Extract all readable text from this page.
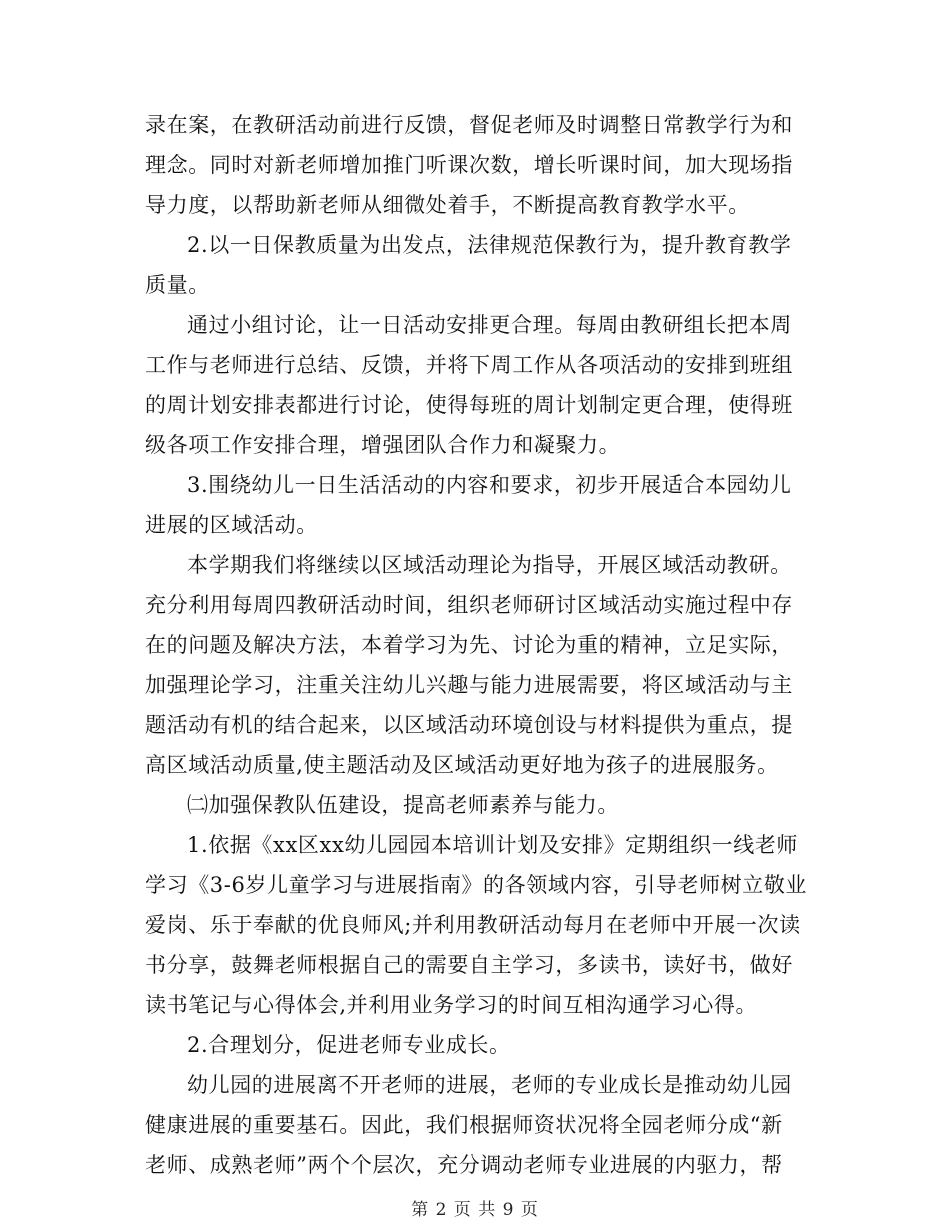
录在案，在教研活动前进行反馈，督促老师及时调整日常教学行为和
理念。同时对新老师增加推门听课次数，增长听课时间，加大现场指
导力度，以帮助新老师从细微处着手，不断提高教育教学水平。
2.以一日保教质量为出发点，法律规范保教行为，提升教育教学
质量。
通过小组讨论，让一日活动安排更合理。每周由教研组长把本周
工作与老师进行总结、反馈，并将下周工作从各项活动的安排到班组
的周计划安排表都进行讨论，使得每班的周计划制定更合理，使得班
级各项工作安排合理，增强团队合作力和凝聚力。
3.围绕幼儿一日生活活动的内容和要求，初步开展适合本园幼儿
进展的区域活动。
本学期我们将继续以区域活动理论为指导，开展区域活动教研。
充分利用每周四教研活动时间，组织老师研讨区域活动实施过程中存
在的问题及解决方法，本着学习为先、讨论为重的精神，立足实际，
加强理论学习，注重关注幼儿兴趣与能力进展需要，将区域活动与主
题活动有机的结合起来，以区域活动环境创设与材料提供为重点，提
高区域活动质量,使主题活动及区域活动更好地为孩子的进展服务。
㈡加强保教队伍建设，提高老师素养与能力。
1.依据《xx区xx幼儿园园本培训计划及安排》定期组织一线老师
学习《3-6岁儿童学习与进展指南》的各领域内容，引导老师树立敬业
爱岗、乐于奉献的优良师风;并利用教研活动每月在老师中开展一次读
书分享，鼓舞老师根据自己的需要自主学习，多读书，读好书，做好
读书笔记与心得体会,并利用业务学习的时间互相沟通学习心得。
2.合理划分，促进老师专业成长。
幼儿园的进展离不开老师的进展，老师的专业成长是推动幼儿园
健康进展的重要基石。因此，我们根据师资状况将全园老师分成“新
老师、成熟老师”两个个层次，充分调动老师专业进展的内驱力，帮
第 2 页 共 9 页
